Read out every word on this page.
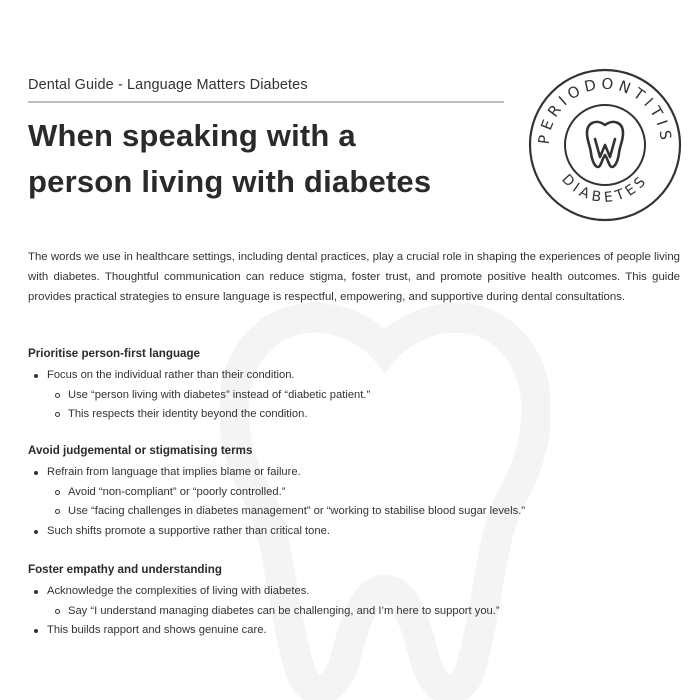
Dental Guide - Language Matters Diabetes
When speaking with a
person living with diabetes
PERIODONTITIS
DIABETES

The words we use in healthcare settings, including dental practices, play a crucial role in shaping the experiences of people living with diabetes. Thoughtful communication can reduce stigma, foster trust, and promote positive health outcomes. This guide provides practical strategies to ensure language is respectful, empowering, and supportive during dental consultations.

Prioritise person-first language
Focus on the individual rather than their condition.
Use “person living with diabetes” instead of “diabetic patient.”
This respects their identity beyond the condition.
Avoid judgemental or stigmatising terms
Refrain from language that implies blame or failure.
Avoid “non-compliant” or “poorly controlled.”
Use “facing challenges in diabetes management” or “working to stabilise blood sugar levels.”
Such shifts promote a supportive rather than critical tone.
Foster empathy and understanding
Acknowledge the complexities of living with diabetes.
Say “I understand managing diabetes can be challenging, and I’m here to support you.”
This builds rapport and shows genuine care.
